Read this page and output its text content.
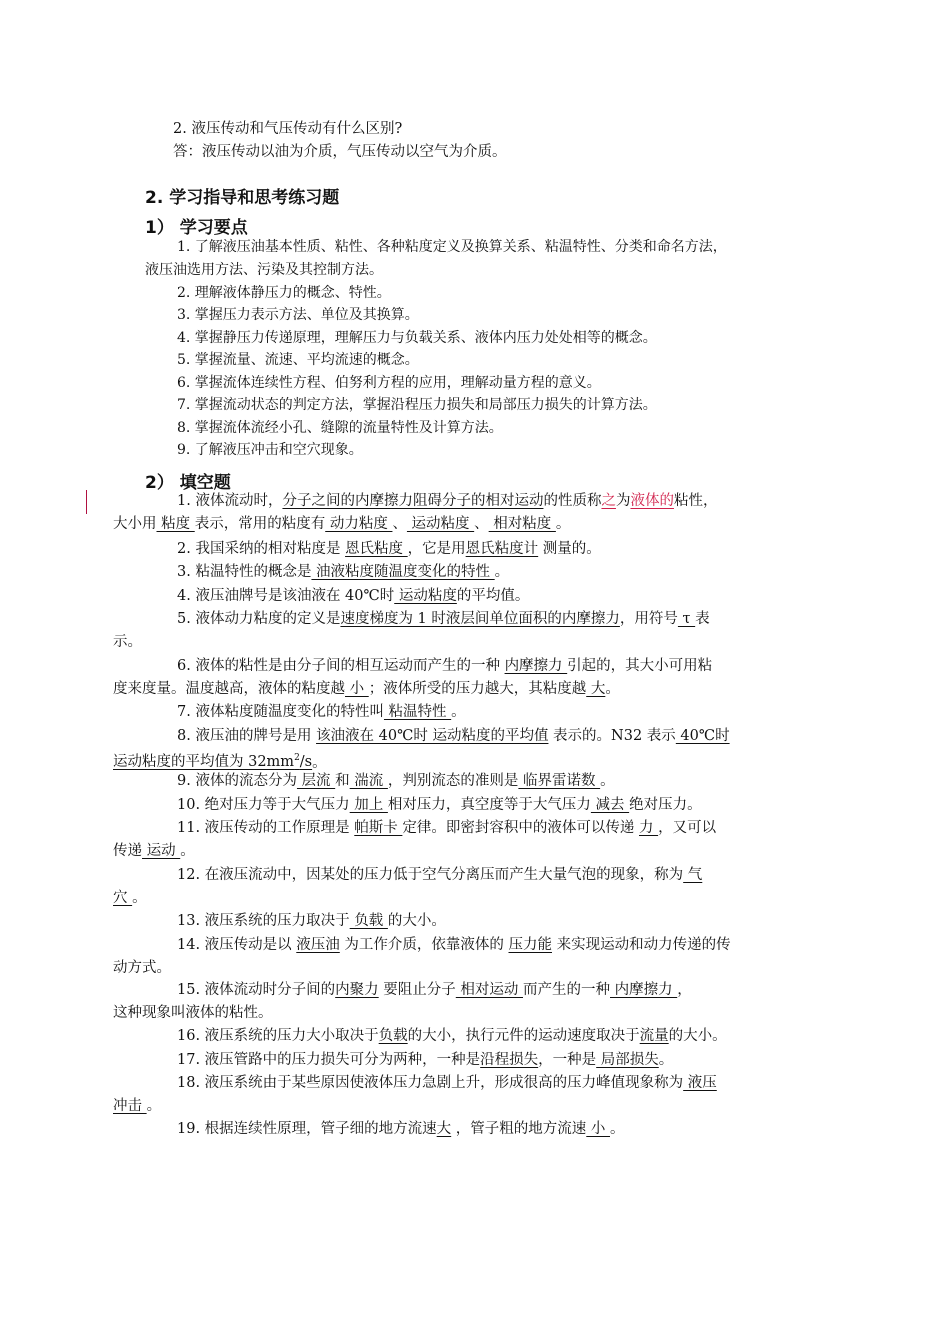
2. 液压传动和气压传动有什么区别?

答：液压传动以油为介质，气压传动以空气为介质。

2. 学习指导和思考练习题

1） 学习要点

1. 了解液压油基本性质、粘性、各种粘度定义及换算关系、粘温特性、分类和命名方法，

液压油选用方法、污染及其控制方法。

2. 理解液体静压力的概念、特性。

3. 掌握压力表示方法、单位及其换算。

4. 掌握静压力传递原理，理解压力与负载关系、液体内压力处处相等的概念。

5. 掌握流量、流速、平均流速的概念。

6. 掌握流体连续性方程、伯努利方程的应用，理解动量方程的意义。

7. 掌握流动状态的判定方法，掌握沿程压力损失和局部压力损失的计算方法。

8. 掌握流体流经小孔、缝隙的流量特性及计算方法。

9. 了解液压冲击和空穴现象。

2） 填空题

1. 液体流动时，分子之间的内摩擦力阻碍分子的相对运动的性质称之为液体的粘性，
大小用 粘度 表示，常用的粘度有 动力粘度 、 运动粘度 、 相对粘度 。

2. 我国采纳的相对粘度是 恩氏粘度 ，它是用恩氏粘度计 测量的。

3. 粘温特性的概念是 油液粘度随温度变化的特性 。

4. 液压油牌号是该油液在 40℃时 运动粘度的平均值。

5. 液体动力粘度的定义是速度梯度为 1 时液层间单位面积的内摩擦力，用符号 τ 表
示。

6. 液体的粘性是由分子间的相互运动而产生的一种 内摩擦力 引起的，其大小可用粘
度来度量。温度越高，液体的粘度越 小 ；液体所受的压力越大，其粘度越 大。

7. 液体粘度随温度变化的特性叫 粘温特性 。

8. 液压油的牌号是用 该油液在 40℃时 运动粘度的平均值 表示的。N32 表示 40℃时
运动粘度的平均值为 $32mm^2/s$。

9. 液体的流态分为 层流 和 湍流 ，判别流态的准则是 临界雷诺数 。

10. 绝对压力等于大气压力 加上 相对压力，真空度等于大气压力 减去 绝对压力。

11. 液压传动的工作原理是 帕斯卡 定律。即密封容积中的液体可以传递 力 ，又可以
传递 运动 。

12. 在液压流动中，因某处的压力低于空气分离压而产生大量气泡的现象，称为 气
穴 。

13. 液压系统的压力取决于 负载 的大小。

14. 液压传动是以 液压油 为工作介质，依靠液体的 压力能 来实现运动和动力传递的传
动方式。

15. 液体流动时分子间的内聚力 要阻止分子 相对运动 而产生的一种 内摩擦力 ，
这种现象叫液体的粘性。

16. 液压系统的压力大小取决于负载的大小，执行元件的运动速度取决于流量的大小。

17. 液压管路中的压力损失可分为两种，一种是沿程损失，一种是 局部损失。

18. 液压系统由于某些原因使液体压力急剧上升，形成很高的压力峰值现象称为 液压
冲击 。

19. 根据连续性原理，管子细的地方流速大 ，管子粗的地方流速 小 。
